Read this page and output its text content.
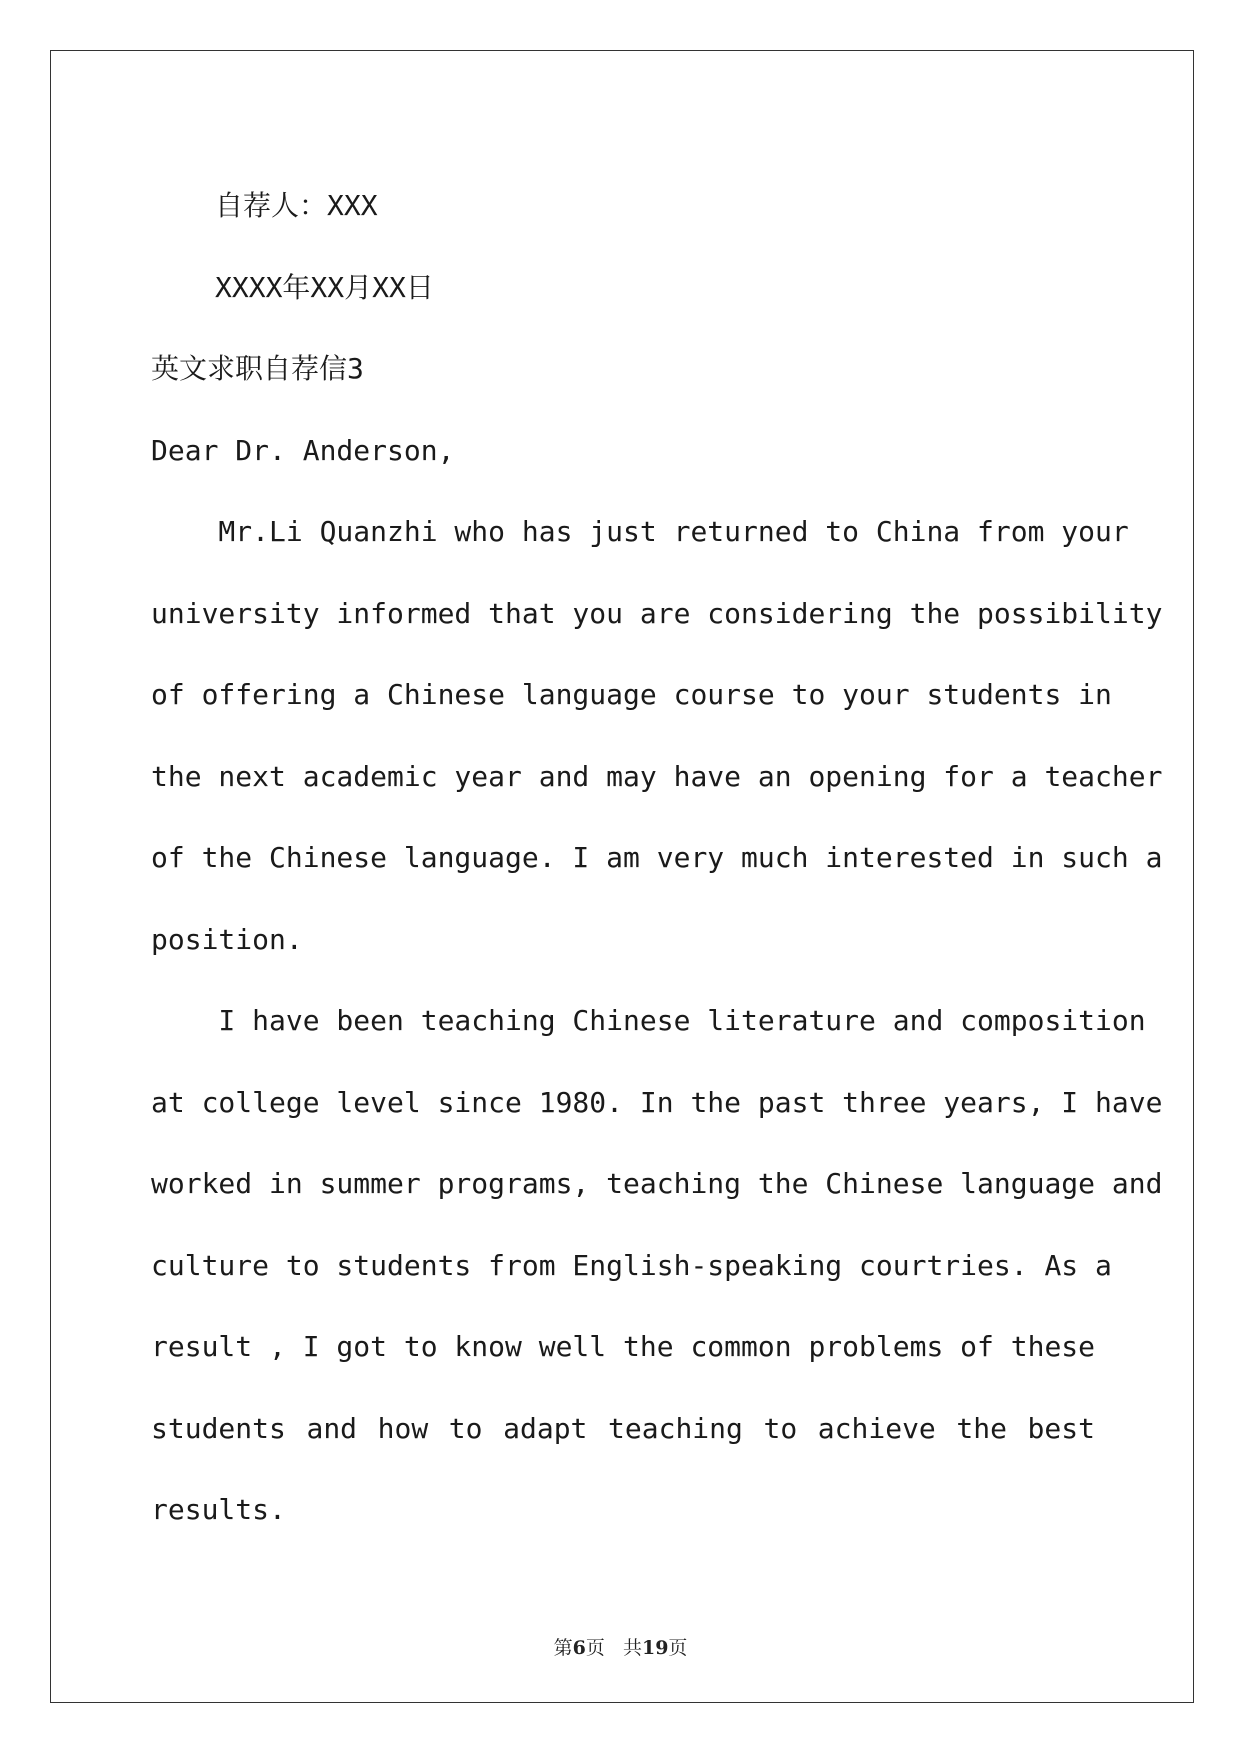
自荐人：XXX
XXXX年XX月XX日
英文求职自荐信3
Dear Dr. Anderson,
Mr.Li Quanzhi who has just returned to China from your
university informed that you are considering the possibility
of offering a Chinese language course to your students in
the next academic year and may have an opening for a teacher
of the Chinese language. I am very much interested in such a
position.
I have been teaching Chinese literature and composition
at college level since 1980. In the past three years, I have
worked in summer programs, teaching the Chinese language and
culture to students from English-speaking courtries. As a
result , I got to know well the common problems of these
students and how to adapt teaching to achieve the best
results.
第6页 共19页
